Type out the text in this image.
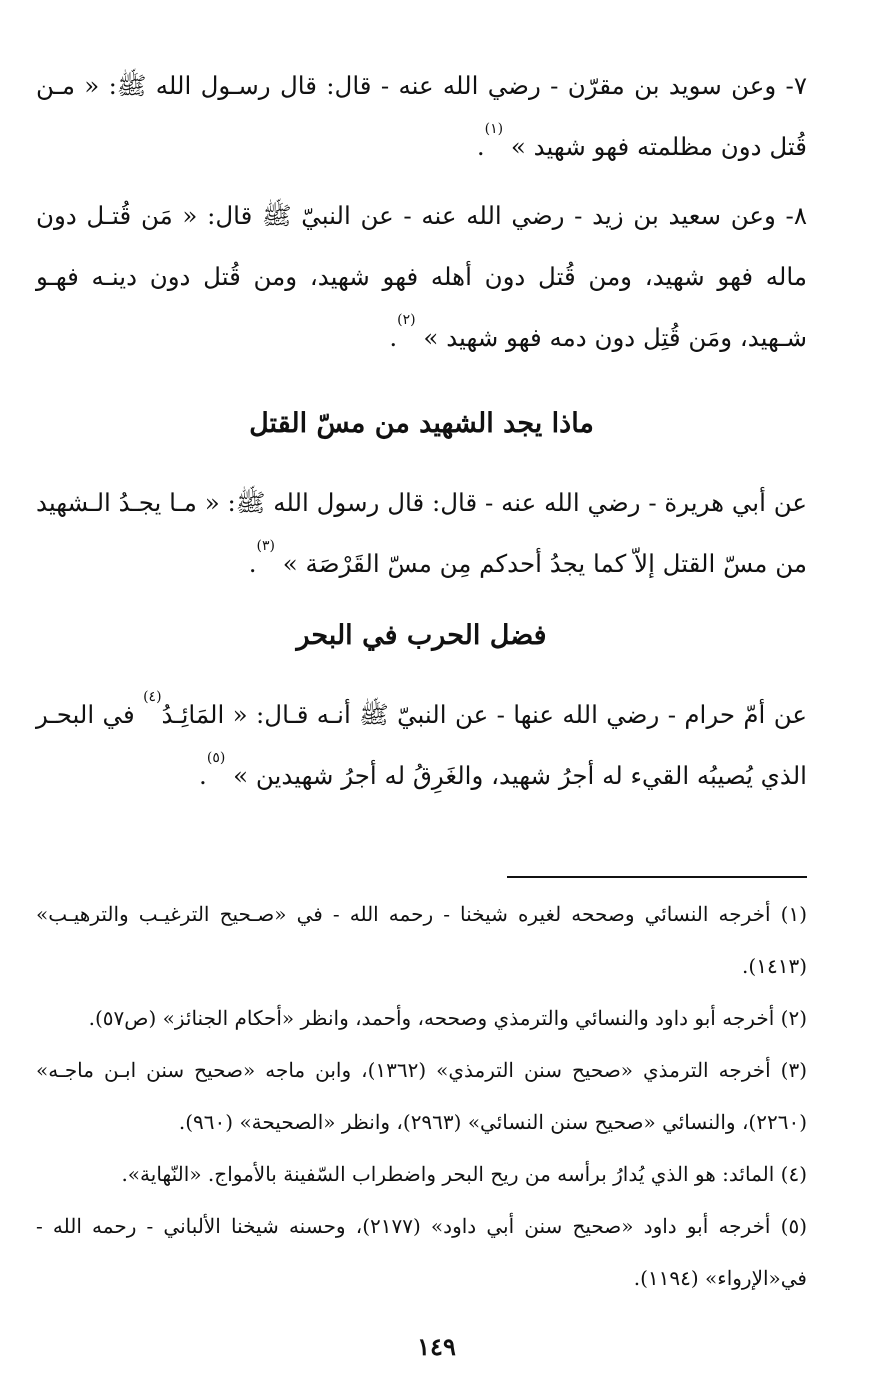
٧- وعن سويد بن مقرّن - رضي الله عنه - قال: قال رسـول الله ﷺ: « مـن قُتل دون مظلمته فهو شهيد » $^{(١)}$.

٨- وعن سعيد بن زيد - رضي الله عنه - عن النبيّ ﷺ قال: « مَن قُتـل دون ماله فهو شهيد، ومن قُتل دون أهله فهو شهيد، ومن قُتل دون دينـه فهـو شـهيد، ومَن قُتِل دون دمه فهو شهيد » $^{(٢)}$.

ماذا يجد الشهيد من مسّ القتل

عن أبي هريرة - رضي الله عنه - قال: قال رسول الله ﷺ: « مـا يجـدُ الـشهيد من مسّ القتل إلاّ كما يجدُ أحدكم مِن مسّ القَرْصَة » $^{(٣)}$.

فضل الحرب في البحر

عن أمّ حرام - رضي الله عنها - عن النبيّ ﷺ أنـه قـال: « المَائِـدُ$^{(٤)}$ في البحـر الذي يُصيبُه القيء له أجرُ شهيد، والغَرِقُ له أجرُ شهيدين » $^{(٥)}$.

(١) أخرجه النسائي وصححه لغيره شيخنا - رحمه الله - في «صـحيح الترغيـب والترهيـب» (١٤١٣).

(٢) أخرجه أبو داود والنسائي والترمذي وصححه، وأحمد، وانظر «أحكام الجنائز» (ص٥٧).

(٣) أخرجه الترمذي «صحيح سنن الترمذي» (١٣٦٢)، وابن ماجه «صحيح سنن ابـن ماجـه» (٢٢٦٠)، والنسائي «صحيح سنن النسائي» (٢٩٦٣)، وانظر «الصحيحة» (٩٦٠).

(٤) المائد: هو الذي يُدارُ برأسه من ريح البحر واضطراب السّفينة بالأمواج. «النّهاية».

(٥) أخرجه أبو داود «صحيح سنن أبي داود» (٢١٧٧)، وحسنه شيخنا الألباني - رحمه الله - في«الإرواء» (١١٩٤).

١٤٩
